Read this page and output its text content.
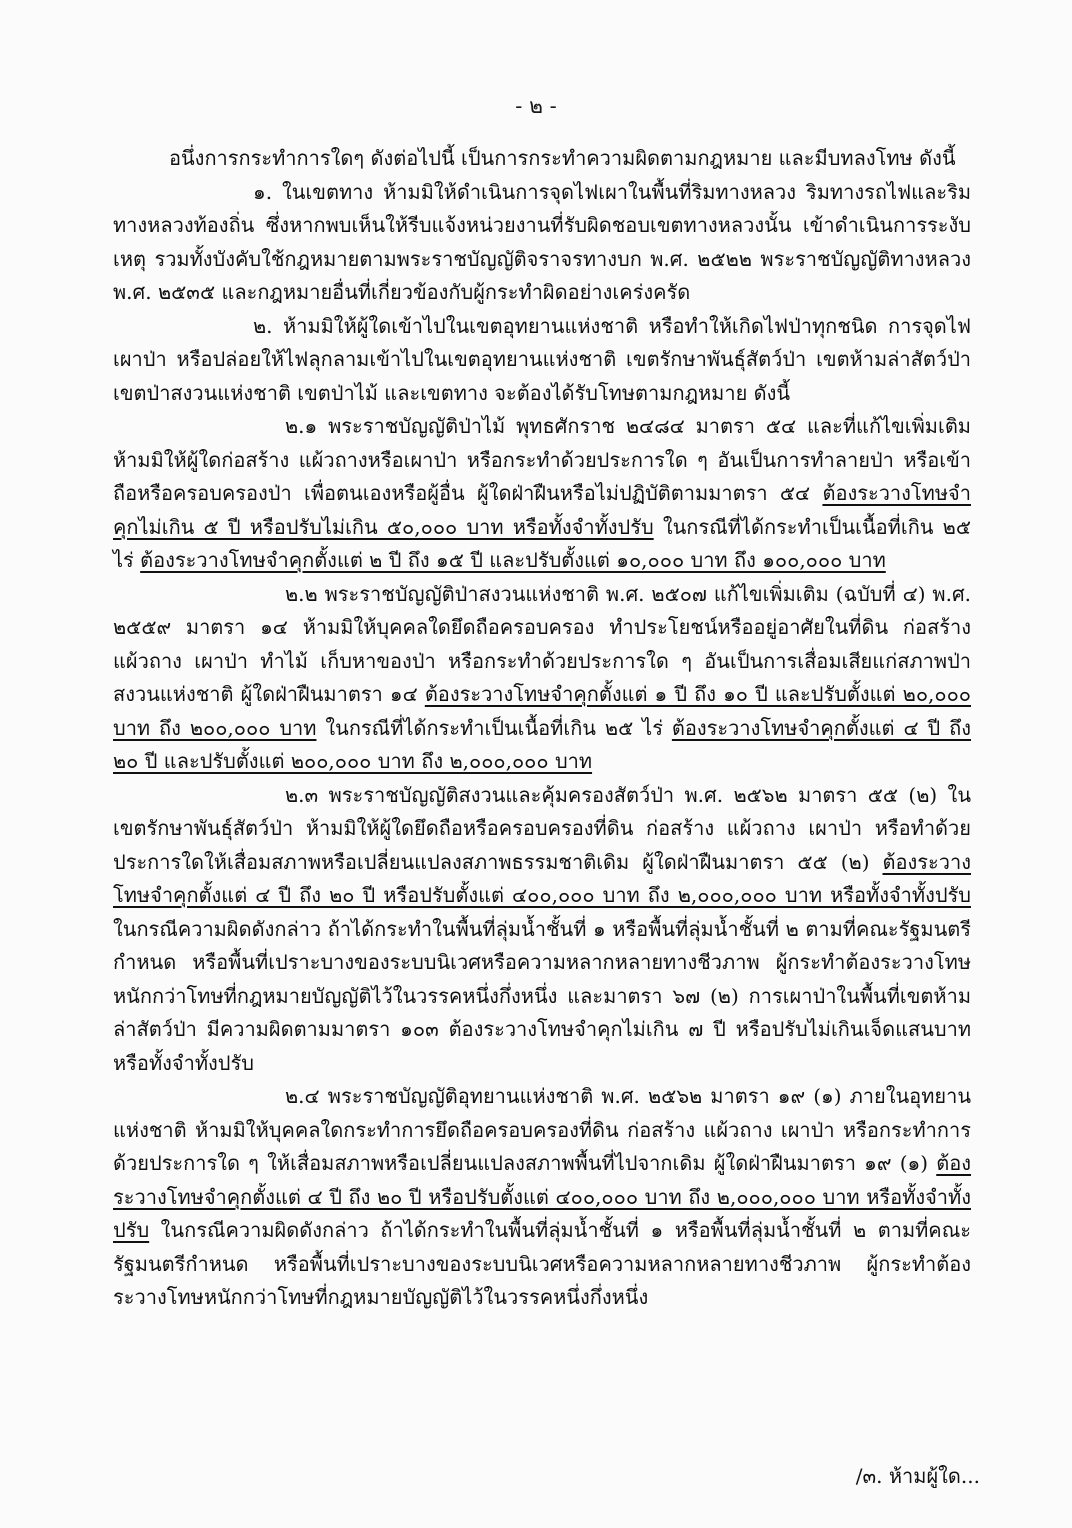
- ๒ -

อนึ่งการกระทำการใดๆ ดังต่อไปนี้ เป็นการกระทำความผิดตามกฎหมาย และมีบทลงโทษ ดังนี้

๑. ในเขตทาง ห้ามมิให้ดำเนินการจุดไฟเผาในพื้นที่ริมทางหลวง ริมทางรถไฟและริมทางหลวงท้องถิ่น ซึ่งหากพบเห็นให้รีบแจ้งหน่วยงานที่รับผิดชอบเขตทางหลวงนั้น เข้าดำเนินการระงับเหตุ รวมทั้งบังคับใช้กฎหมายตามพระราชบัญญัติจราจรทางบก พ.ศ. ๒๕๒๒ พระราชบัญญัติทางหลวง พ.ศ. ๒๕๓๕ และกฎหมายอื่นที่เกี่ยวข้องกับผู้กระทำผิดอย่างเคร่งครัด

๒. ห้ามมิให้ผู้ใดเข้าไปในเขตอุทยานแห่งชาติ หรือทำให้เกิดไฟป่าทุกชนิด การจุดไฟเผาป่า หรือปล่อยให้ไฟลุกลามเข้าไปในเขตอุทยานแห่งชาติ เขตรักษาพันธุ์สัตว์ป่า เขตห้ามล่าสัตว์ป่า เขตป่าสงวนแห่งชาติ เขตป่าไม้ และเขตทาง จะต้องได้รับโทษตามกฎหมาย ดังนี้

๒.๑ พระราชบัญญัติป่าไม้ พุทธศักราช ๒๔๘๔ มาตรา ๕๔ และที่แก้ไขเพิ่มเติม ห้ามมิให้ผู้ใดก่อสร้าง แผ้วถางหรือเผาป่า หรือกระทำด้วยประการใด ๆ อันเป็นการทำลายป่า หรือเข้าถือหรือครอบครองป่า เพื่อตนเองหรือผู้อื่น ผู้ใดฝ่าฝืนหรือไม่ปฏิบัติตามมาตรา ๕๔ ต้องระวางโทษจำคุกไม่เกิน ๕ ปี หรือปรับไม่เกิน ๕๐,๐๐๐ บาท หรือทั้งจำทั้งปรับ ในกรณีที่ได้กระทำเป็นเนื้อที่เกิน ๒๕ ไร่ ต้องระวางโทษจำคุกตั้งแต่ ๒ ปี ถึง ๑๕ ปี และปรับตั้งแต่ ๑๐,๐๐๐ บาท ถึง ๑๐๐,๐๐๐ บาท

๒.๒ พระราชบัญญัติป่าสงวนแห่งชาติ พ.ศ. ๒๕๐๗ แก้ไขเพิ่มเติม (ฉบับที่ ๔) พ.ศ. ๒๕๕๙ มาตรา ๑๔ ห้ามมิให้บุคคลใดยึดถือครอบครอง ทำประโยชน์หรืออยู่อาศัยในที่ดิน ก่อสร้าง แผ้วถาง เผาป่า ทำไม้ เก็บหาของป่า หรือกระทำด้วยประการใด ๆ อันเป็นการเสื่อมเสียแก่สภาพป่าสงวนแห่งชาติ ผู้ใดฝ่าฝืนมาตรา ๑๔ ต้องระวางโทษจำคุกตั้งแต่ ๑ ปี ถึง ๑๐ ปี และปรับตั้งแต่ ๒๐,๐๐๐ บาท ถึง ๒๐๐,๐๐๐ บาท ในกรณีที่ได้กระทำเป็นเนื้อที่เกิน ๒๕ ไร่ ต้องระวางโทษจำคุกตั้งแต่ ๔ ปี ถึง ๒๐ ปี และปรับตั้งแต่ ๒๐๐,๐๐๐ บาท ถึง ๒,๐๐๐,๐๐๐ บาท

๒.๓ พระราชบัญญัติสงวนและคุ้มครองสัตว์ป่า พ.ศ. ๒๕๖๒ มาตรา ๕๕ (๒) ในเขตรักษาพันธุ์สัตว์ป่า ห้ามมิให้ผู้ใดยึดถือหรือครอบครองที่ดิน ก่อสร้าง แผ้วถาง เผาป่า หรือทำด้วยประการใดให้เสื่อมสภาพหรือเปลี่ยนแปลงสภาพธรรมชาติเดิม ผู้ใดฝ่าฝืนมาตรา ๕๕ (๒) ต้องระวางโทษจำคุกตั้งแต่ ๔ ปี ถึง ๒๐ ปี หรือปรับตั้งแต่ ๔๐๐,๐๐๐ บาท ถึง ๒,๐๐๐,๐๐๐ บาท หรือทั้งจำทั้งปรับ ในกรณีความผิดดังกล่าว ถ้าได้กระทำในพื้นที่ลุ่มน้ำชั้นที่ ๑ หรือพื้นที่ลุ่มน้ำชั้นที่ ๒ ตามที่คณะรัฐมนตรีกำหนด หรือพื้นที่เปราะบางของระบบนิเวศหรือความหลากหลายทางชีวภาพ ผู้กระทำต้องระวางโทษหนักกว่าโทษที่กฎหมายบัญญัติไว้ในวรรคหนึ่งกึ่งหนึ่ง และมาตรา ๖๗ (๒) การเผาป่าในพื้นที่เขตห้ามล่าสัตว์ป่า มีความผิดตามมาตรา ๑๐๓ ต้องระวางโทษจำคุกไม่เกิน ๗ ปี หรือปรับไม่เกินเจ็ดแสนบาท หรือทั้งจำทั้งปรับ

๒.๔ พระราชบัญญัติอุทยานแห่งชาติ พ.ศ. ๒๕๖๒ มาตรา ๑๙ (๑) ภายในอุทยานแห่งชาติ ห้ามมิให้บุคคลใดกระทำการยึดถือครอบครองที่ดิน ก่อสร้าง แผ้วถาง เผาป่า หรือกระทำการด้วยประการใด ๆ ให้เสื่อมสภาพหรือเปลี่ยนแปลงสภาพพื้นที่ไปจากเดิม ผู้ใดฝ่าฝืนมาตรา ๑๙ (๑) ต้องระวางโทษจำคุกตั้งแต่ ๔ ปี ถึง ๒๐ ปี หรือปรับตั้งแต่ ๔๐๐,๐๐๐ บาท ถึง ๒,๐๐๐,๐๐๐ บาท หรือทั้งจำทั้งปรับ ในกรณีความผิดดังกล่าว ถ้าได้กระทำในพื้นที่ลุ่มน้ำชั้นที่ ๑ หรือพื้นที่ลุ่มน้ำชั้นที่ ๒ ตามที่คณะรัฐมนตรีกำหนด หรือพื้นที่เปราะบางของระบบนิเวศหรือความหลากหลายทางชีวภาพ ผู้กระทำต้องระวางโทษหนักกว่าโทษที่กฎหมายบัญญัติไว้ในวรรคหนึ่งกึ่งหนึ่ง

/๓. ห้ามผู้ใด...
